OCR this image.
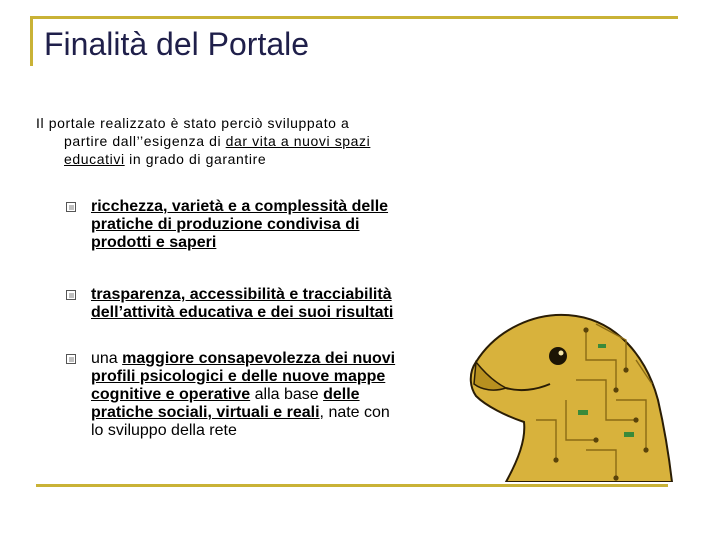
Finalità del Portale
Il portale realizzato è stato perciò sviluppato a
partire dall’’esigenza di dar vita a nuovi spazi
educativi in grado di garantire
ricchezza, varietà e a complessità delle
pratiche di produzione condivisa di
prodotti e saperi
trasparenza, accessibilità e tracciabilità
dell’attività educativa e dei suoi risultati
una maggiore consapevolezza dei nuovi
profili psicologici e delle nuove mappe
cognitive e operative alla base delle
pratiche sociali, virtuali e reali, nate con
lo sviluppo della rete
